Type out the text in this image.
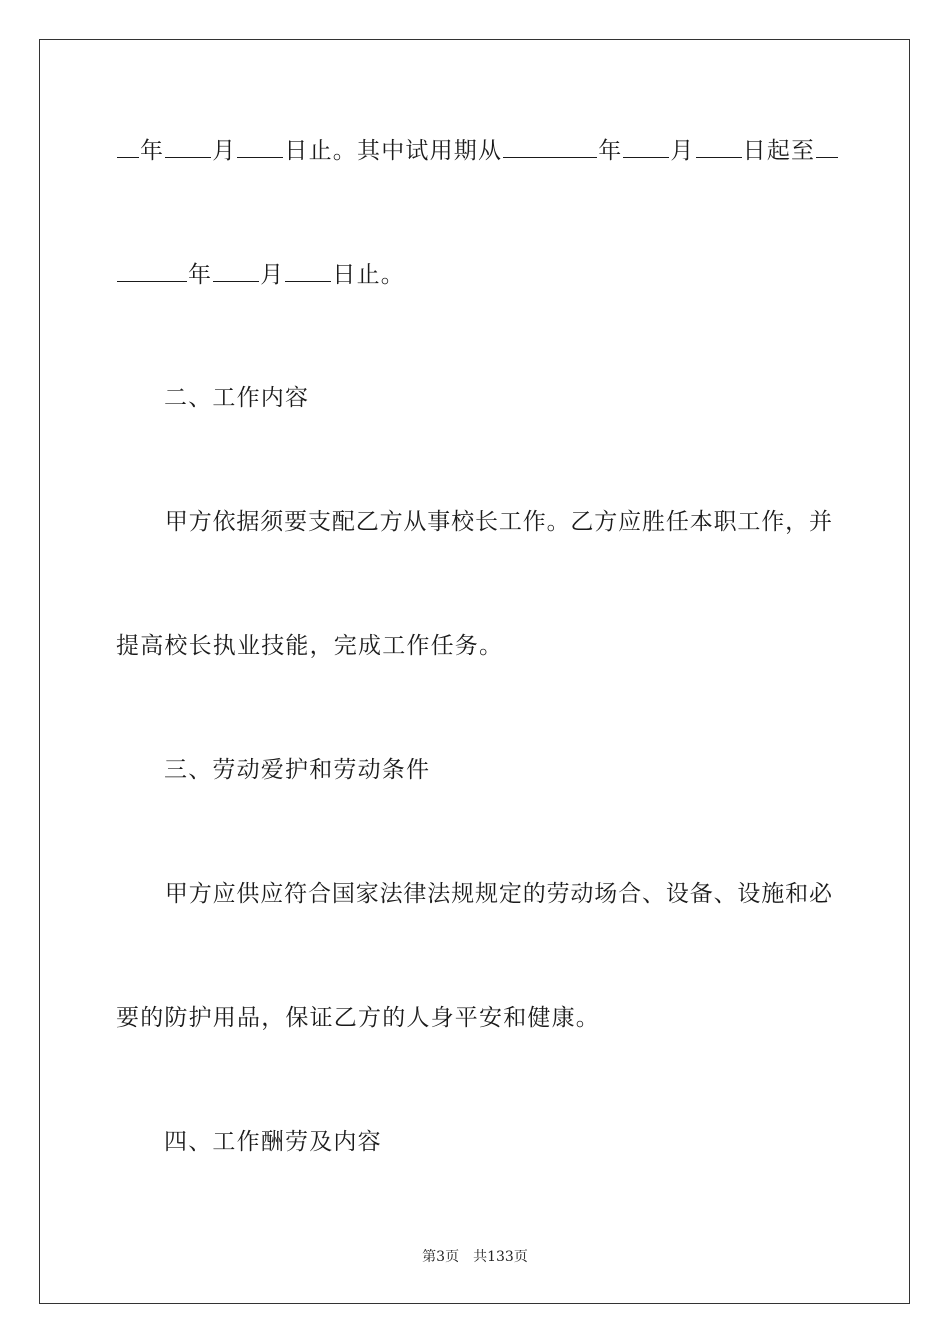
年 月 日止。其中试用期从	年 月 日起至
年 月 日止。
二、工作内容
甲方依据须要支配乙方从事校长工作。乙方应胜任本职工作，并
提高校长执业技能，完成工作任务。
三、劳动爱护和劳动条件
甲方应供应符合国家法律法规规定的劳动场合、设备、设施和必
要的防护用品，保证乙方的人身平安和健康。
四、工作酬劳及内容
第3页 共133页
